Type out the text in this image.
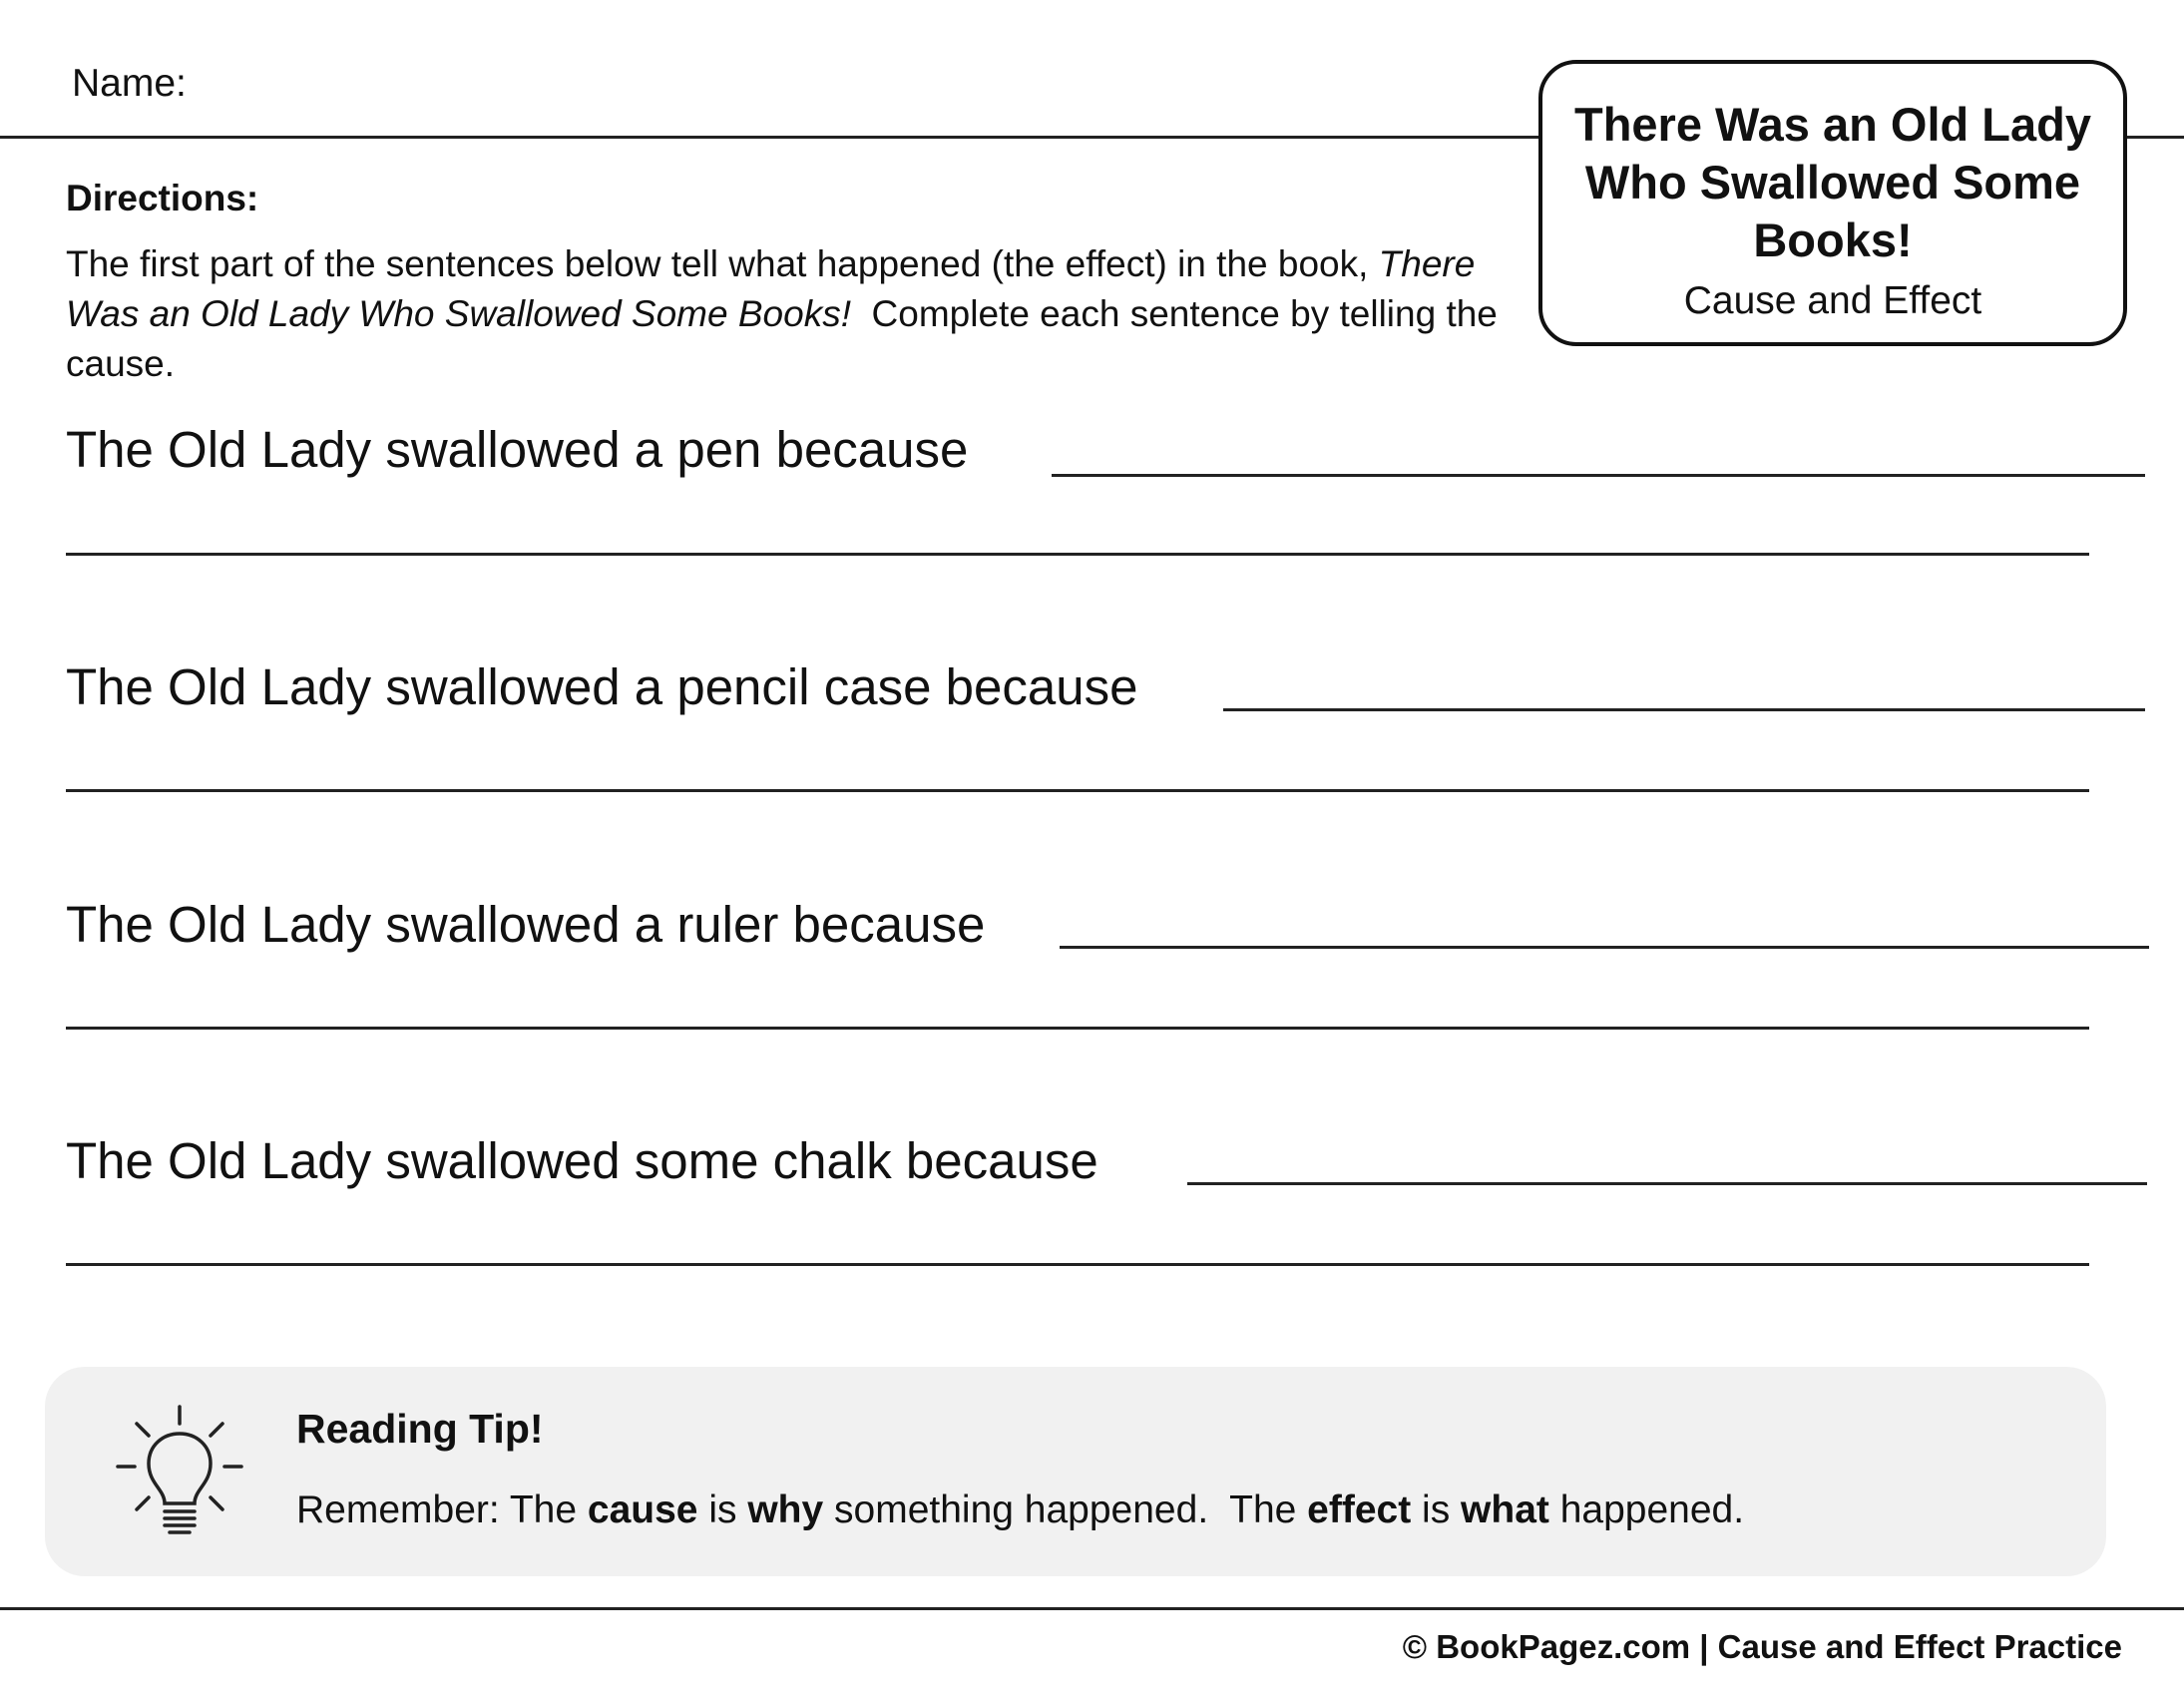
Name:
There Was an Old Lady Who Swallowed Some Books!
Cause and Effect
Directions:
The first part of the sentences below tell what happened (the effect) in the book, There Was an Old Lady Who Swallowed Some Books!  Complete each sentence by telling the cause.
The Old Lady swallowed a pen because
The Old Lady swallowed a pencil case because
The Old Lady swallowed a ruler because
The Old Lady swallowed some chalk because
Reading Tip!
Remember: The cause is why something happened.  The effect is what happened.
© BookPagez.com | Cause and Effect Practice
